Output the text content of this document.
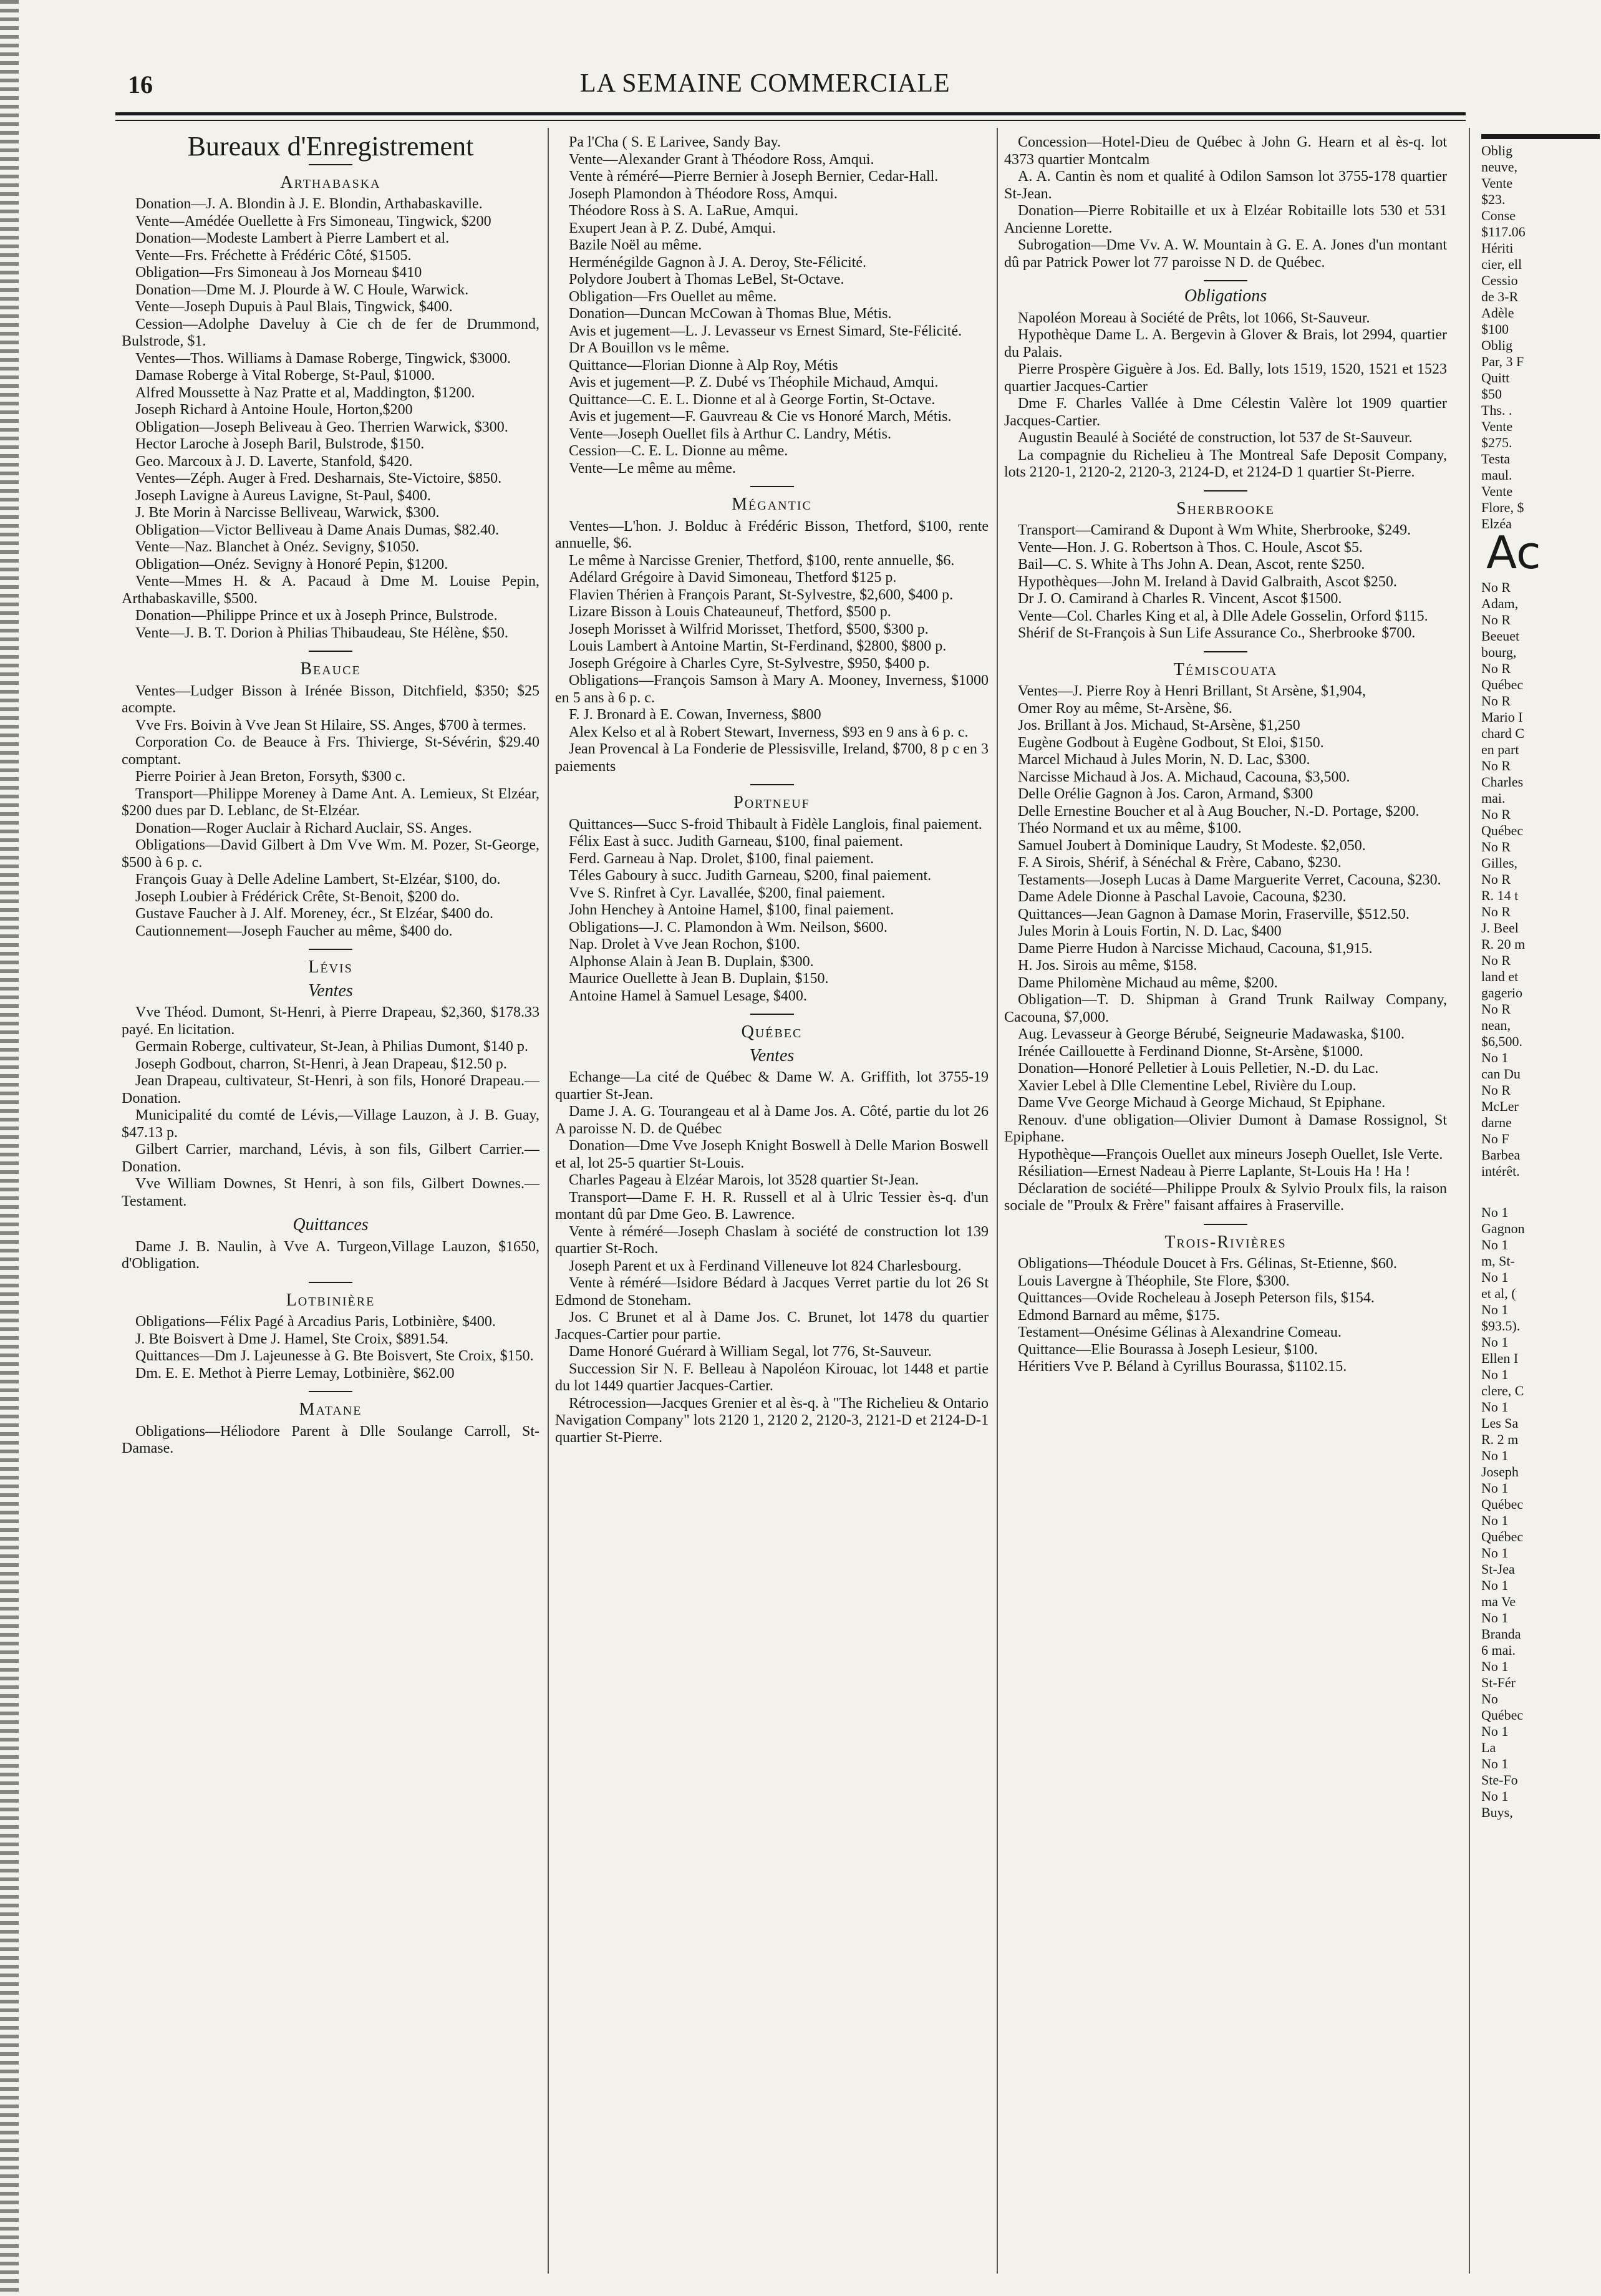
16	LA SEMAINE COMMERCIALE
Bureaux d'Enregistrement
Arthabaska

Donation—J. A. Blondin à J. E. Blondin, Arthabaskaville.

Vente—Amédée Ouellette à Frs Simoneau, Tingwick, $200

Donation—Modeste Lambert à Pierre Lambert et al.

Vente—Frs. Fréchette à Frédéric Côté, $1505.

Obligation—Frs Simoneau à Jos Morneau $410

Donation—Dme M. J. Plourde à W. C Houle, Warwick.

Vente—Joseph Dupuis à Paul Blais, Tingwick, $400.

Cession—Adolphe Daveluy à Cie ch de fer de Drummond, Bulstrode, $1.

Ventes—Thos. Williams à Damase Roberge, Tingwick, $3000.

Damase Roberge à Vital Roberge, St-Paul, $1000.

Alfred Moussette à Naz Pratte et al, Maddington, $1200.

Joseph Richard à Antoine Houle, Horton,$200

Obligation—Joseph Beliveau à Geo. Therrien Warwick, $300.

Hector Laroche à Joseph Baril, Bulstrode, $150.

Geo. Marcoux à J. D. Laverte, Stanfold, $420.

Ventes—Zéph. Auger à Fred. Desharnais, Ste-Victoire, $850.

Joseph Lavigne à Aureus Lavigne, St-Paul, $400.

J. Bte Morin à Narcisse Belliveau, Warwick, $300.

Obligation—Victor Belliveau à Dame Anais Dumas, $82.40.

Vente—Naz. Blanchet à Onéz. Sevigny, $1050.

Obligation—Onéz. Sevigny à Honoré Pepin, $1200.

Vente—Mmes H. & A. Pacaud à Dme M. Louise Pepin, Arthabaskaville, $500.

Donation—Philippe Prince et ux à Joseph Prince, Bulstrode.

Vente—J. B. T. Dorion à Philias Thibaudeau, Ste Hélène, $50.

Beauce

Ventes—Ludger Bisson à Irénée Bisson, Ditchfield, $350; $25 acompte.

Vve Frs. Boivin à Vve Jean St Hilaire, SS. Anges, $700 à termes.

Corporation Co. de Beauce à Frs. Thivierge, St-Sévérin, $29.40 comptant.

Pierre Poirier à Jean Breton, Forsyth, $300 c.

Transport—Philippe Moreney à Dame Ant. A. Lemieux, St Elzéar, $200 dues par D. Leblanc, de St-Elzéar.

Donation—Roger Auclair à Richard Auclair, SS. Anges.

Obligations—David Gilbert à Dm Vve Wm. M. Pozer, St-George, $500 à 6 p. c.

François Guay à Delle Adeline Lambert, St-Elzéar, $100, do.

Joseph Loubier à Frédérick Crête, St-Benoit, $200 do.

Gustave Faucher à J. Alf. Moreney, écr., St Elzéar, $400 do.

Cautionnement—Joseph Faucher au même, $400 do.

Lévis
Ventes

Vve Théod. Dumont, St-Henri, à Pierre Drapeau, $2,360, $178.33 payé. En licitation.

Germain Roberge, cultivateur, St-Jean, à Philias Dumont, $140 p.

Joseph Godbout, charron, St-Henri, à Jean Drapeau, $12.50 p.

Jean Drapeau, cultivateur, St-Henri, à son fils, Honoré Drapeau.—Donation.

Municipalité du comté de Lévis,—Village Lauzon, à J. B. Guay, $47.13 p.

Gilbert Carrier, marchand, Lévis, à son fils, Gilbert Carrier.—Donation.

Vve William Downes, St Henri, à son fils, Gilbert Downes.—Testament.

Quittances

Dame J. B. Naulin, à Vve A. Turgeon,Village Lauzon, $1650, d'Obligation.

Lotbinière

Obligations—Félix Pagé à Arcadius Paris, Lotbinière, $400.

J. Bte Boisvert à Dme J. Hamel, Ste Croix, $891.54.

Quittances—Dm J. Lajeunesse à G. Bte Boisvert, Ste Croix, $150.

Dm. E. E. Methot à Pierre Lemay, Lotbinière, $62.00

Matane

Obligations—Héliodore Parent à Dlle Soulange Carroll, St-Damase.

Pa l'Cha ( S. E Larivee, Sandy Bay.

Vente—Alexander Grant à Théodore Ross, Amqui.

Vente à réméré—Pierre Bernier à Joseph Bernier, Cedar-Hall.

Joseph Plamondon à Théodore Ross, Amqui.

Théodore Ross à S. A. LaRue, Amqui.

Exupert Jean à P. Z. Dubé, Amqui.

Bazile Noël au même.

Herménégilde Gagnon à J. A. Deroy, Ste-Félicité.

Polydore Joubert à Thomas LeBel, St-Octave.

Obligation—Frs Ouellet au même.

Donation—Duncan McCowan à Thomas Blue, Métis.

Avis et jugement—L. J. Levasseur vs Ernest Simard, Ste-Félicité.

Dr A Bouillon vs le même.

Quittance—Florian Dionne à Alp Roy, Métis

Avis et jugement—P. Z. Dubé vs Théophile Michaud, Amqui.

Quittance—C. E. L. Dionne et al à George Fortin, St-Octave.

Avis et jugement—F. Gauvreau & Cie vs Honoré March, Métis.

Vente—Joseph Ouellet fils à Arthur C. Landry, Métis.

Cession—C. E. L. Dionne au même.

Vente—Le même au même.

Mégantic

Ventes—L'hon. J. Bolduc à Frédéric Bisson, Thetford, $100, rente annuelle, $6.

Le même à Narcisse Grenier, Thetford, $100, rente annuelle, $6.

Adélard Grégoire à David Simoneau, Thetford $125 p.

Flavien Thérien à François Parant, St-Sylvestre, $2,600, $400 p.

Lizare Bisson à Louis Chateauneuf, Thetford, $500 p.

Joseph Morisset à Wilfrid Morisset, Thetford, $500, $300 p.

Louis Lambert à Antoine Martin, St-Ferdinand, $2800, $800 p.

Joseph Grégoire à Charles Cyre, St-Sylvestre, $950, $400 p.

Obligations—François Samson à Mary A. Mooney, Inverness, $1000 en 5 ans à 6 p. c.

F. J. Bronard à E. Cowan, Inverness, $800

Alex Kelso et al à Robert Stewart, Inverness, $93 en 9 ans à 6 p. c.

Jean Provencal à La Fonderie de Plessisville, Ireland, $700, 8 p c en 3 paiements

Portneuf

Quittances—Succ S-froid Thibault à Fidèle Langlois, final paiement.

Félix East à succ. Judith Garneau, $100, final paiement.

Ferd. Garneau à Nap. Drolet, $100, final paiement.

Téles Gaboury à succ. Judith Garneau, $200, final paiement.

Vve S. Rinfret à Cyr. Lavallée, $200, final paiement.

John Henchey à Antoine Hamel, $100, final paiement.

Obligations—J. C. Plamondon à Wm. Neilson, $600.

Nap. Drolet à Vve Jean Rochon, $100.

Alphonse Alain à Jean B. Duplain, $300.

Maurice Ouellette à Jean B. Duplain, $150.

Antoine Hamel à Samuel Lesage, $400.

Québec
Ventes

Echange—La cité de Québec & Dame W. A. Griffith, lot 3755-19 quartier St-Jean.

Dame J. A. G. Tourangeau et al à Dame Jos. A. Côté, partie du lot 26 A paroisse N. D. de Québec

Donation—Dme Vve Joseph Knight Boswell à Delle Marion Boswell et al, lot 25-5 quartier St-Louis.

Charles Pageau à Elzéar Marois, lot 3528 quartier St-Jean.

Transport—Dame F. H. R. Russell et al à Ulric Tessier ès-q. d'un montant dû par Dme Geo. B. Lawrence.

Vente à réméré—Joseph Chaslam à société de construction lot 139 quartier St-Roch.

Joseph Parent et ux à Ferdinand Villeneuve lot 824 Charlesbourg.

Vente à réméré—Isidore Bédard à Jacques Verret partie du lot 26 St Edmond de Stoneham.

Jos. C Brunet et al à Dame Jos. C. Brunet, lot 1478 du quartier Jacques-Cartier pour partie.

Dame Honoré Guérard à William Segal, lot 776, St-Sauveur.

Succession Sir N. F. Belleau à Napoléon Kirouac, lot 1448 et partie du lot 1449 quartier Jacques-Cartier.

Rétrocession—Jacques Grenier et al ès-q. à "The Richelieu & Ontario Navigation Company" lots 2120 1, 2120 2, 2120-3, 2121-D et 2124-D-1 quartier St-Pierre.

Concession—Hotel-Dieu de Québec à John G. Hearn et al ès-q. lot 4373 quartier Montcalm

A. A. Cantin ès nom et qualité à Odilon Samson lot 3755-178 quartier St-Jean.

Donation—Pierre Robitaille et ux à Elzéar Robitaille lots 530 et 531 Ancienne Lorette.

Subrogation—Dme Vv. A. W. Mountain à G. E. A. Jones d'un montant dû par Patrick Power lot 77 paroisse N D. de Québec.

Obligations

Napoléon Moreau à Société de Prêts, lot 1066, St-Sauveur.

Hypothèque Dame L. A. Bergevin à Glover & Brais, lot 2994, quartier du Palais.

Pierre Prospère Giguère à Jos. Ed. Bally, lots 1519, 1520, 1521 et 1523 quartier Jacques-Cartier

Dme F. Charles Vallée à Dme Célestin Valère lot 1909 quartier Jacques-Cartier.

Augustin Beaulé à Société de construction, lot 537 de St-Sauveur.

La compagnie du Richelieu à The Montreal Safe Deposit Company, lots 2120-1, 2120-2, 2120-3, 2124-D, et 2124-D 1 quartier St-Pierre.

Sherbrooke

Transport—Camirand & Dupont à Wm White, Sherbrooke, $249.

Vente—Hon. J. G. Robertson à Thos. C. Houle, Ascot $5.

Bail—C. S. White à Ths John A. Dean, Ascot, rente $250.

Hypothèques—John M. Ireland à David Galbraith, Ascot $250.

Dr J. O. Camirand à Charles R. Vincent, Ascot $1500.

Vente—Col. Charles King et al, à Dlle Adele Gosselin, Orford $115.

Shérif de St-François à Sun Life Assurance Co., Sherbrooke $700.

Témiscouata

Ventes—J. Pierre Roy à Henri Brillant, St Arsène, $1,904,

Omer Roy au même, St-Arsène, $6.

Jos. Brillant à Jos. Michaud, St-Arsène, $1,250

Eugène Godbout à Eugène Godbout, St Eloi, $150.

Marcel Michaud à Jules Morin, N. D. Lac, $300.

Narcisse Michaud à Jos. A. Michaud, Cacouna, $3,500.

Delle Orélie Gagnon à Jos. Caron, Armand, $300

Delle Ernestine Boucher et al à Aug Boucher, N.-D. Portage, $200.

Théo Normand et ux au même, $100.

Samuel Joubert à Dominique Laudry, St Modeste. $2,050.

F. A Sirois, Shérif, à Sénéchal & Frère, Cabano, $230.

Testaments—Joseph Lucas à Dame Marguerite Verret, Cacouna, $230.

Dame Adele Dionne à Paschal Lavoie, Cacouna, $230.

Quittances—Jean Gagnon à Damase Morin, Fraserville, $512.50.

Jules Morin à Louis Fortin, N. D. Lac, $400

Dame Pierre Hudon à Narcisse Michaud, Cacouna, $1,915.

H. Jos. Sirois au même, $158.

Dame Philomène Michaud au même, $200.

Obligation—T. D. Shipman à Grand Trunk Railway Company, Cacouna, $7,000.

Aug. Levasseur à George Bérubé, Seigneurie Madawaska, $100.

Irénée Caillouette à Ferdinand Dionne, St-Arsène, $1000.

Donation—Honoré Pelletier à Louis Pelletier, N.-D. du Lac.

Xavier Lebel à Dlle Clementine Lebel, Rivière du Loup.

Dame Vve George Michaud à George Michaud, St Epiphane.

Renouv. d'une obligation—Olivier Dumont à Damase Rossignol, St Epiphane.

Hypothèque—François Ouellet aux mineurs Joseph Ouellet, Isle Verte.

Résiliation—Ernest Nadeau à Pierre Laplante, St-Louis Ha ! Ha !

Déclaration de société—Philippe Proulx & Sylvio Proulx fils, la raison sociale de "Proulx & Frère" faisant affaires à Fraserville.

Trois-Rivières

Obligations—Théodule Doucet à Frs. Gélinas, St-Etienne, $60.

Louis Lavergne à Théophile, Ste Flore, $300.

Quittances—Ovide Rocheleau à Joseph Peterson fils, $154.

Edmond Barnard au même, $175.

Testament—Onésime Gélinas à Alexandrine Comeau.

Quittance—Elie Bourassa à Joseph Lesieur, $100.

Héritiers Vve P. Béland à Cyrillus Bourassa, $1102.15.

Oblig

neuve,

Vente

$23.

Conse

$117.06

Hériti

cier, ell

Cessio

de 3-R

Adèle

$100

Oblig

Par, 3 F

Quitt

$50

Ths. .

Vente

$275.

Testa

maul.

Vente

Flore, $

Elzéa

Ac

No R

Adam,

No R

Beeuet

bourg,

No R

Québec

No R

Mario I

chard C

en part

No R

Charles

mai.

No R

Québec

No R

Gilles,

No R

R. 14 t

No R

J. Beel

R. 20 m

No R

land et

gagerio

No R

nean,

$6,500.

No 1

can Du

No R

McLer

darne

No F

Barbea

intérêt.

No 1

Gagnon

No 1

m, St-

No 1

et al, (

No 1

$93.5).

No 1

Ellen I

No 1

clere, C

No 1

Les Sa

R. 2 m

No 1

Joseph

No 1

Québec

No 1

Québec

No 1

St-Jea

No 1

ma Ve

No 1

Branda

6 mai.

No 1

St-Fér

No

Québec

No 1

La

No 1

Ste-Fo

No 1

Buys,
